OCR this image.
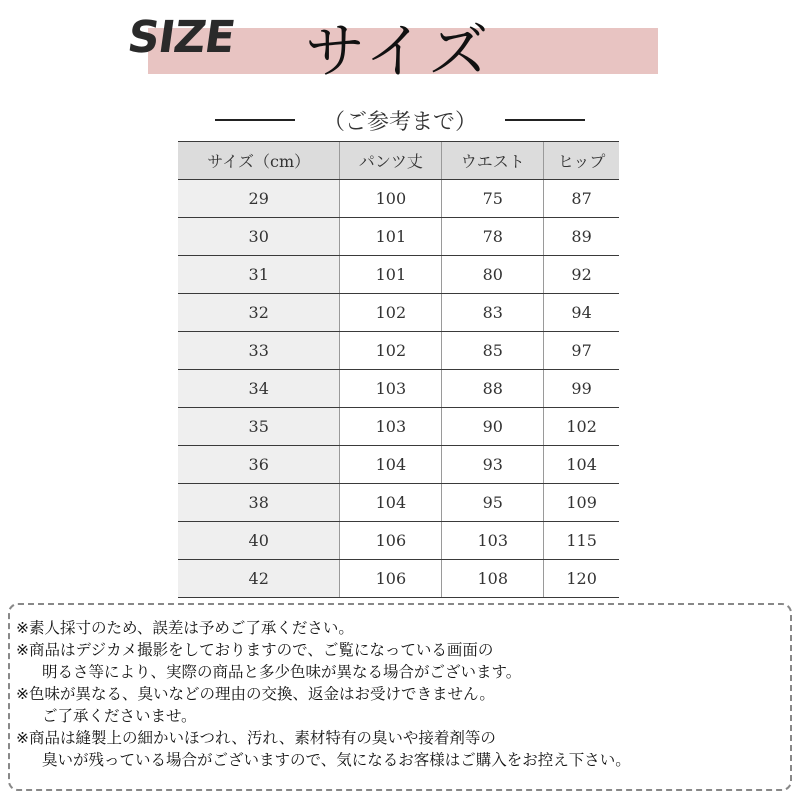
SIZE サイズ
（ご参考まで）
サイズ（cm）	パンツ丈	ウエスト	ヒップ
29	100	75	87
30	101	78	89
31	101	80	92
32	102	83	94
33	102	85	97
34	103	88	99
35	103	90	102
36	104	93	104
38	104	95	109
40	106	103	115
42	106	108	120
※素人採寸のため、誤差は予めご了承ください。
※商品はデジカメ撮影をしておりますので、ご覧になっている画面の
明るさ等により、実際の商品と多少色味が異なる場合がございます。
※色味が異なる、臭いなどの理由の交換、返金はお受けできません。
ご了承くださいませ。
※商品は縫製上の細かいほつれ、汚れ、素材特有の臭いや接着剤等の
臭いが残っている場合がございますので、気になるお客様はご購入をお控え下さい。
